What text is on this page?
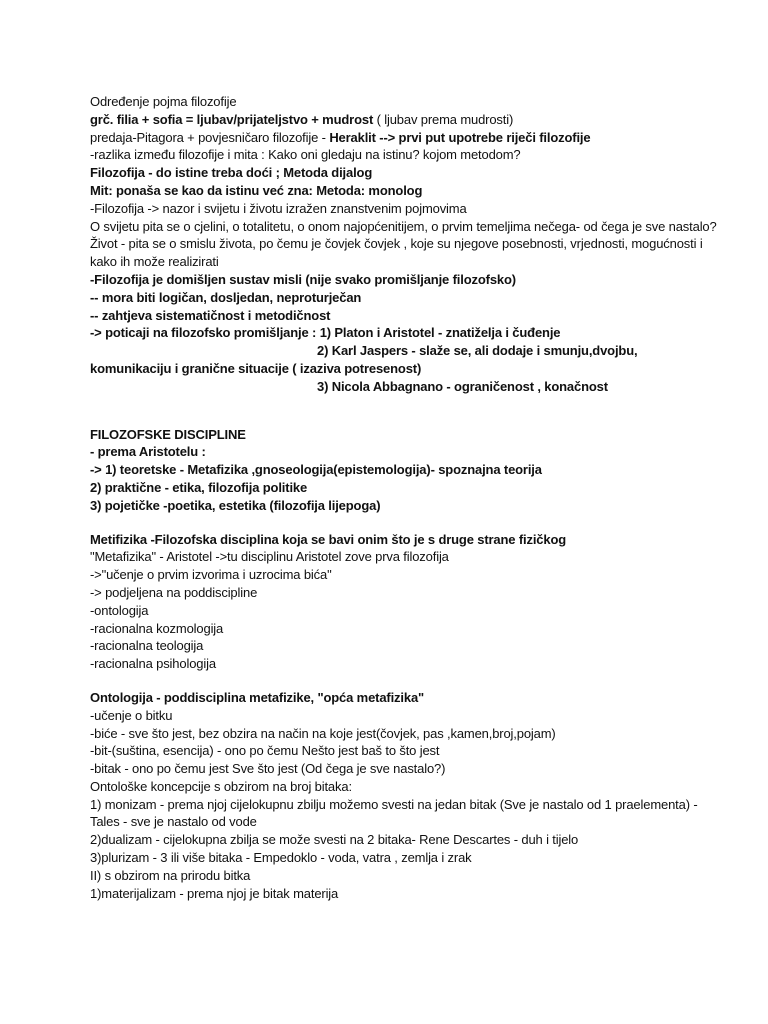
Određenje pojma filozofije
grč. filia + sofia = ljubav/prijateljstvo + mudrost ( ljubav prema mudrosti)
predaja-Pitagora + povjesničaro filozofije - Heraklit --> prvi put upotrebe riječi filozofije
-razlika između filozofije i mita : Kako oni gledaju na istinu? kojom metodom?
Filozofija - do istine treba doći ; Metoda dijalog
Mit: ponaša se kao da istinu već zna: Metoda: monolog
-Filozofija -> nazor i svijetu i životu izražen znanstvenim pojmovima
O svijetu pita se o cjelini, o totalitetu, o onom najopćenitijem, o prvim temeljima nečega- od čega je sve nastalo?
Život - pita se o smislu života, po čemu je čovjek čovjek , koje su njegove posebnosti, vrjednosti, mogućnosti i kako ih može realizirati
-Filozofija je domišljen sustav misli (nije svako promišljanje filozofsko)
-- mora biti logičan, dosljedan, neproturječan
-- zahtjeva sistematičnost i metodičnost
-> poticaji na filozofsko promišljanje : 1) Platon i Aristotel - znatiželja i čuđenje
2) Karl Jaspers - slaže se, ali dodaje i smunju,dvojbu,
komunikaciju i granične situacije ( izaziva potresenost)
3) Nicola Abbagnano - ograničenost , konačnost
FILOZOFSKE DISCIPLINE
- prema Aristotelu :
-> 1) teoretske - Metafizika ,gnoseologija(epistemologija)- spoznajna teorija
2) praktične - etika, filozofija politike
3) pojetičke -poetika, estetika (filozofija lijepoga)
Metifizika -Filozofska disciplina koja se bavi onim što je s druge strane fizičkog
"Metafizika" - Aristotel ->tu disciplinu Aristotel zove prva filozofija
->"učenje o prvim izvorima i uzrocima bića"
-> podjeljena na poddiscipline
-ontologija
-racionalna kozmologija
-racionalna teologija
-racionalna psihologija
Ontologija - poddisciplina metafizike, "opća metafizika"
-učenje o bitku
-biće - sve što jest, bez obzira na način na koje jest(čovjek, pas ,kamen,broj,pojam)
-bit-(suština, esencija) - ono po čemu Nešto jest baš to što jest
-bitak - ono po čemu jest Sve što jest (Od čega je sve nastalo?)
Ontološke koncepcije s obzirom na broj bitaka:
1) monizam - prema njoj cijelokupnu zbilju možemo svesti na jedan bitak (Sve je nastalo od 1 praelementa) - Tales - sve je nastalo od vode
2)dualizam - cijelokupna zbilja se može svesti na 2 bitaka- Rene Descartes - duh i tijelo
3)plurizam - 3 ili više bitaka - Empedoklo - voda, vatra , zemlja i zrak
II) s obzirom na prirodu bitka
1)materijalizam - prema njoj je bitak materija
